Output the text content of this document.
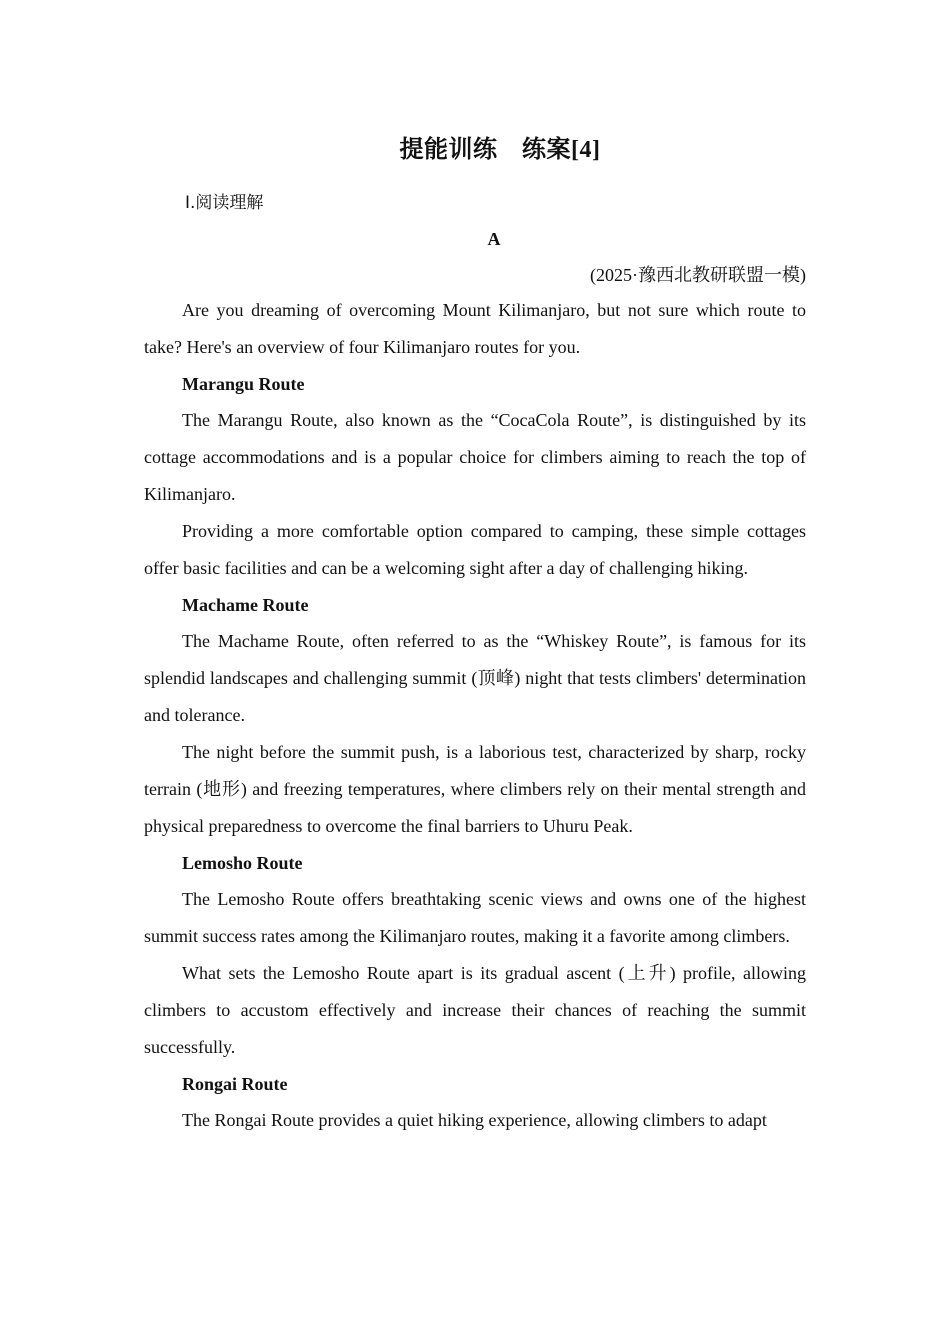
提能训练　练案[4]
Ⅰ.阅读理解
A
(2025·豫西北教研联盟一模)

Are you dreaming of overcoming Mount Kilimanjaro, but not sure which route to take? Here's an overview of four Kilimanjaro routes for you.

Marangu Route

The Marangu Route, also known as the “CocaCola Route”, is distinguished by its cottage accommodations and is a popular choice for climbers aiming to reach the top of Kilimanjaro.

Providing a more comfortable option compared to camping, these simple cottages offer basic facilities and can be a welcoming sight after a day of challenging hiking.

Machame Route

The Machame Route, often referred to as the “Whiskey Route”, is famous for its splendid landscapes and challenging summit (顶峰) night that tests climbers' determination and tolerance.

The night before the summit push, is a laborious test, characterized by sharp, rocky terrain (地形) and freezing temperatures, where climbers rely on their mental strength and physical preparedness to overcome the final barriers to Uhuru Peak.

Lemosho Route

The Lemosho Route offers breathtaking scenic views and owns one of the highest summit success rates among the Kilimanjaro routes, making it a favorite among climbers.

What sets the Lemosho Route apart is its gradual ascent (上升) profile, allowing climbers to accustom effectively and increase their chances of reaching the summit successfully.

Rongai Route

The Rongai Route provides a quiet hiking experience, allowing climbers to adapt
